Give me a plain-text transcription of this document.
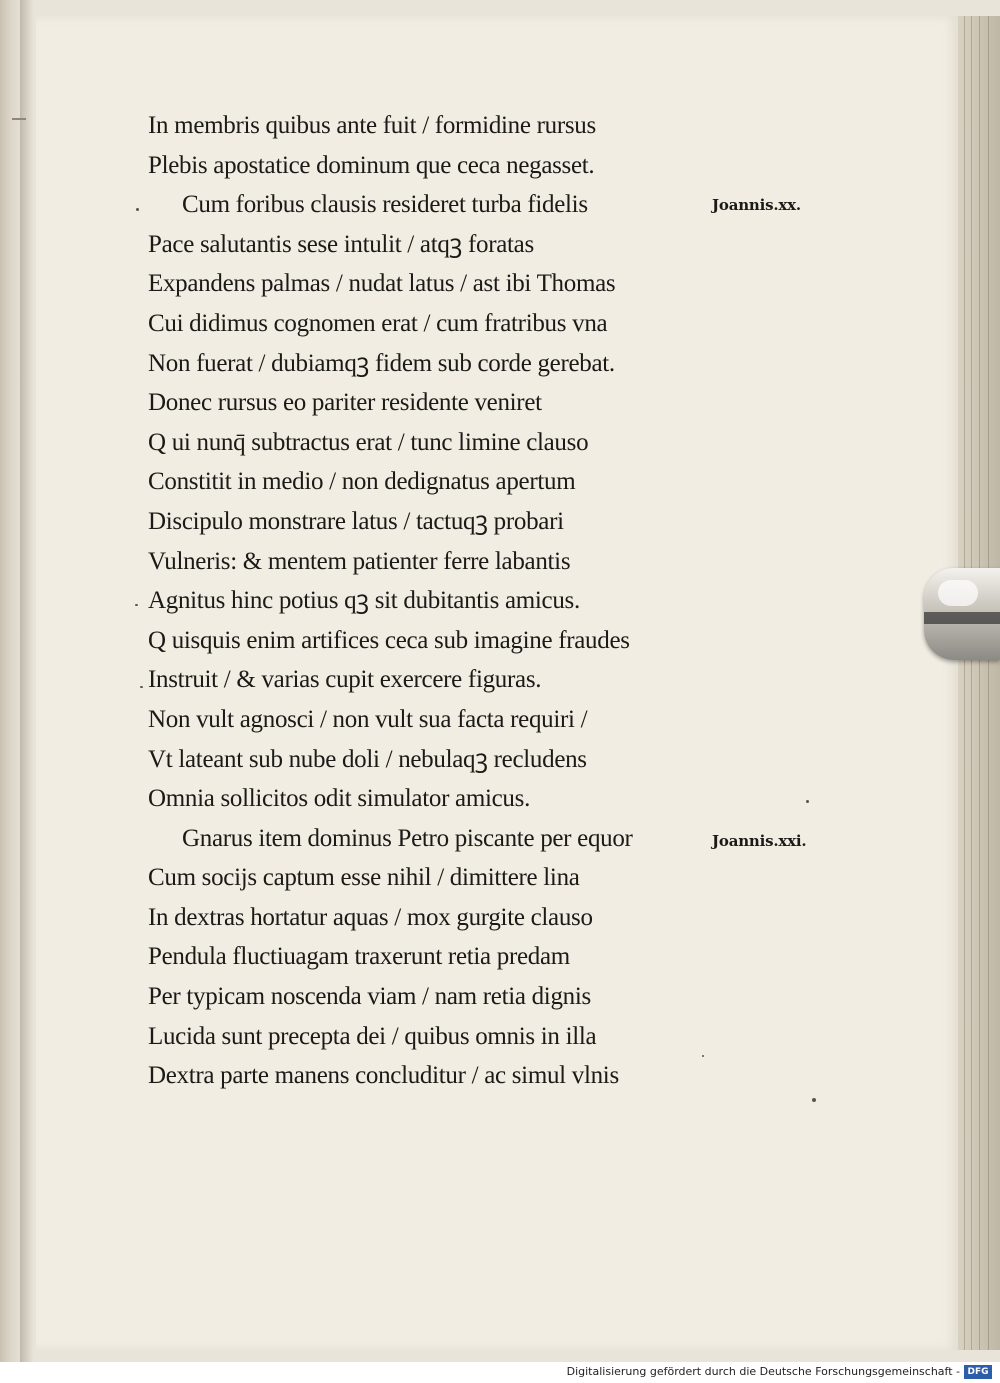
In membris quibus ante fuit / formidine rursus
Plebis apostatice dominum que ceca negasset.
Cum foribus clausis resideret turba fidelis
Pace salutantis sese intulit / atqꝫ foratas
Expandens palmas / nudat latus / ast ibi Thomas
Cui didimus cognomen erat / cum fratribus vna
Non fuerat / dubiamqꝫ fidem sub corde gerebat.
Donec rursus eo pariter residente veniret
Q ui nunq̄ subtractus erat / tunc limine clauso
Constitit in medio / non dedignatus apertum
Discipulo monstrare latus / tactuqꝫ probari
Vulneris: & mentem patienter ferre labantis
Agnitus hinc potius qꝫ sit dubitantis amicus.
Q uisquis enim artifices ceca sub imagine fraudes
Instruit / & varias cupit exercere figuras.
Non vult agnosci / non vult sua facta requiri /
Vt lateant sub nube doli / nebulaqꝫ recludens
Omnia sollicitos odit simulator amicus.
Gnarus item dominus Petro piscante per equor
Cum socijs captum esse nihil / dimittere lina
In dextras hortatur aquas / mox gurgite clauso
Pendula fluctiuagam traxerunt retia predam
Per typicam noscenda viam / nam retia dignis
Lucida sunt precepta dei / quibus omnis in illa
Dextra parte manens concluditur / ac simul vlnis
Joannis.xx.
Joannis.xxi.
Digitalisierung gefördert durch die Deutsche Forschungsgemeinschaft - DFG
